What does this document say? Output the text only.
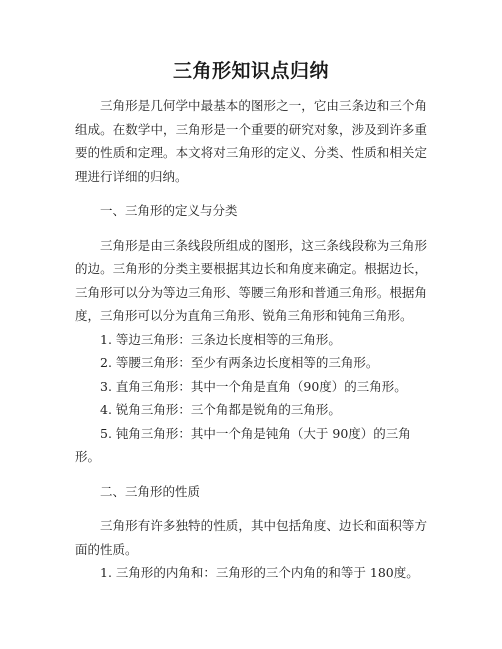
三角形知识点归纳

三角形是几何学中最基本的图形之一，它由三条边和三个角组成。在数学中，三角形是一个重要的研究对象，涉及到许多重要的性质和定理。本文将对三角形的定义、分类、性质和相关定理进行详细的归纳。

一、三角形的定义与分类

三角形是由三条线段所组成的图形，这三条线段称为三角形的边。三角形的分类主要根据其边长和角度来确定。根据边长，三角形可以分为等边三角形、等腰三角形和普通三角形。根据角度，三角形可以分为直角三角形、锐角三角形和钝角三角形。

1. 等边三角形：三条边长度相等的三角形。

2. 等腰三角形：至少有两条边长度相等的三角形。

3. 直角三角形：其中一个角是直角（90度）的三角形。

4. 锐角三角形：三个角都是锐角的三角形。

5. 钝角三角形：其中一个角是钝角（大于 90度）的三角形。

二、三角形的性质

三角形有许多独特的性质，其中包括角度、边长和面积等方面的性质。

1. 三角形的内角和：三角形的三个内角的和等于 180度。
